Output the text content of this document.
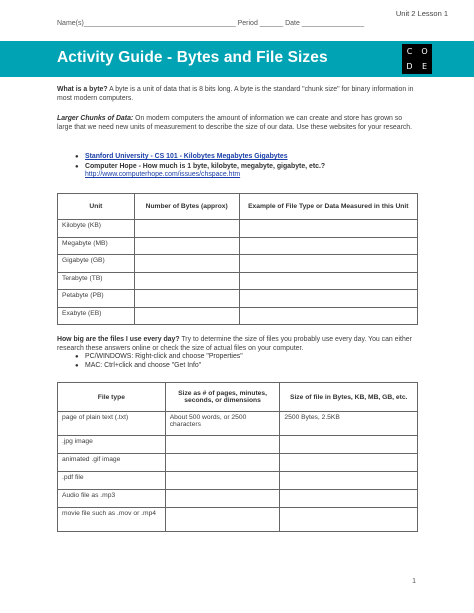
Unit 2 Lesson 1
Name(s)_______________________________________ Period ______ Date ________________
Activity Guide - Bytes and File Sizes	C	O
D	E
What is a byte? A byte is a unit of data that is 8 bits long. A byte is the standard "chunk size" for binary information in most modern computers.
Larger Chunks of Data: On modern computers the amount of information we can create and store has grown so large that we need new units of measurement to describe the size of our data. Use these websites for your research.
● Stanford University - CS 101 - Kilobytes Megabytes Gigabytes
● Computer Hope - How much is 1 byte, kilobyte, megabyte, gigabyte, etc.?
http://www.computerhope.com/issues/chspace.htm
Unit	Number of Bytes (approx)	Example of File Type or Data Measured in this Unit
Kilobyte (KB)		
Megabyte (MB)		
Gigabyte (GB)		
Terabyte (TB)		
Petabyte (PB)		
Exabyte (EB)		
How big are the files I use every day? Try to determine the size of files you probably use every day. You can either research these answers online or check the size of actual files on your computer.
● PC/WINDOWS: Right-click and choose "Properties"
● MAC: Ctrl+click and choose "Get Info"
File type	Size as # of pages, minutes, seconds, or dimensions	Size of file in Bytes, KB, MB, GB, etc.
page of plain text (.txt)	About 500 words, or 2500 characters	2500 Bytes, 2.5KB
.jpg image		
animated .gif image		
.pdf file		
Audio file as .mp3		
movie file such as .mov or .mp4		
1
